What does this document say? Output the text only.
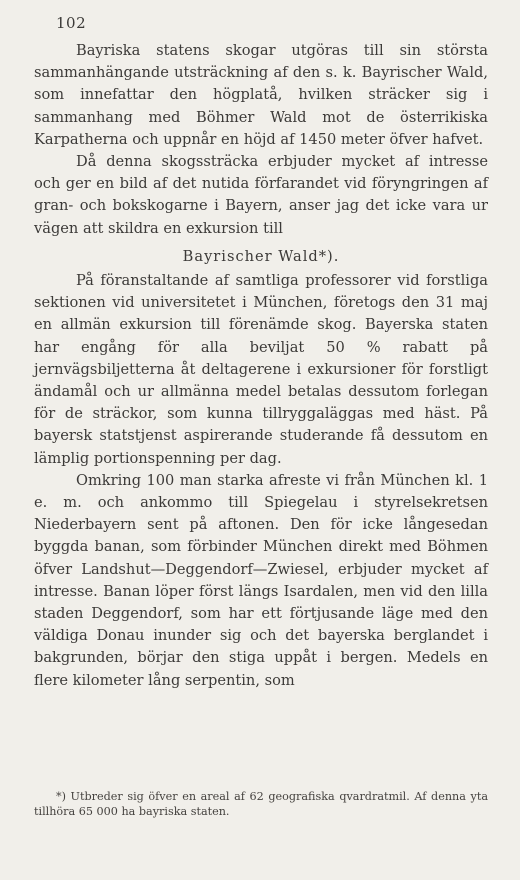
102

Bayriska statens skogar utgöras till sin största sammanhängande utsträckning af den s. k. Bayrischer Wald, som innefattar den högplatå, hvilken sträcker sig i sammanhang med Böhmer Wald mot de österrikiska Karpatherna och uppnår en höjd af 1450 meter öfver hafvet.

Då denna skogssträcka erbjuder mycket af intresse och ger en bild af det nutida förfarandet vid föryngringen af gran- och bokskogarne i Bayern, anser jag det icke vara ur vägen att skildra en exkursion till

Bayrischer Wald*).

På föranstaltande af samtliga professorer vid forstliga sektionen vid universitetet i München, företogs den 31 maj en allmän exkursion till förenämde skog. Bayerska staten har engång för alla beviljat 50 % rabatt på jernvägsbiljetterna åt deltagerene i exkursioner för forstligt ändamål och ur allmänna medel betalas dessutom forlegan för de sträckor, som kunna tillryggaläggas med häst. På bayersk statstjenst aspirerande studerande få dessutom en lämplig portionspenning per dag.

Omkring 100 man starka afreste vi från München kl. 1 e. m. och ankommo till Spiegelau i styrelsekretsen Niederbayern sent på aftonen. Den för icke långesedan byggda banan, som förbinder München direkt med Böhmen öfver Landshut—Deggendorf—Zwiesel, erbjuder mycket af intresse. Banan löper först längs Isardalen, men vid den lilla staden Deggendorf, som har ett förtjusande läge med den väldiga Donau inunder sig och det bayerska berglandet i bakgrunden, börjar den stiga uppåt i bergen. Medels en flere kilometer lång serpentin, som

*) Utbreder sig öfver en areal af 62 geografiska qvardratmil. Af denna yta tillhöra 65 000 ha bayriska staten.
